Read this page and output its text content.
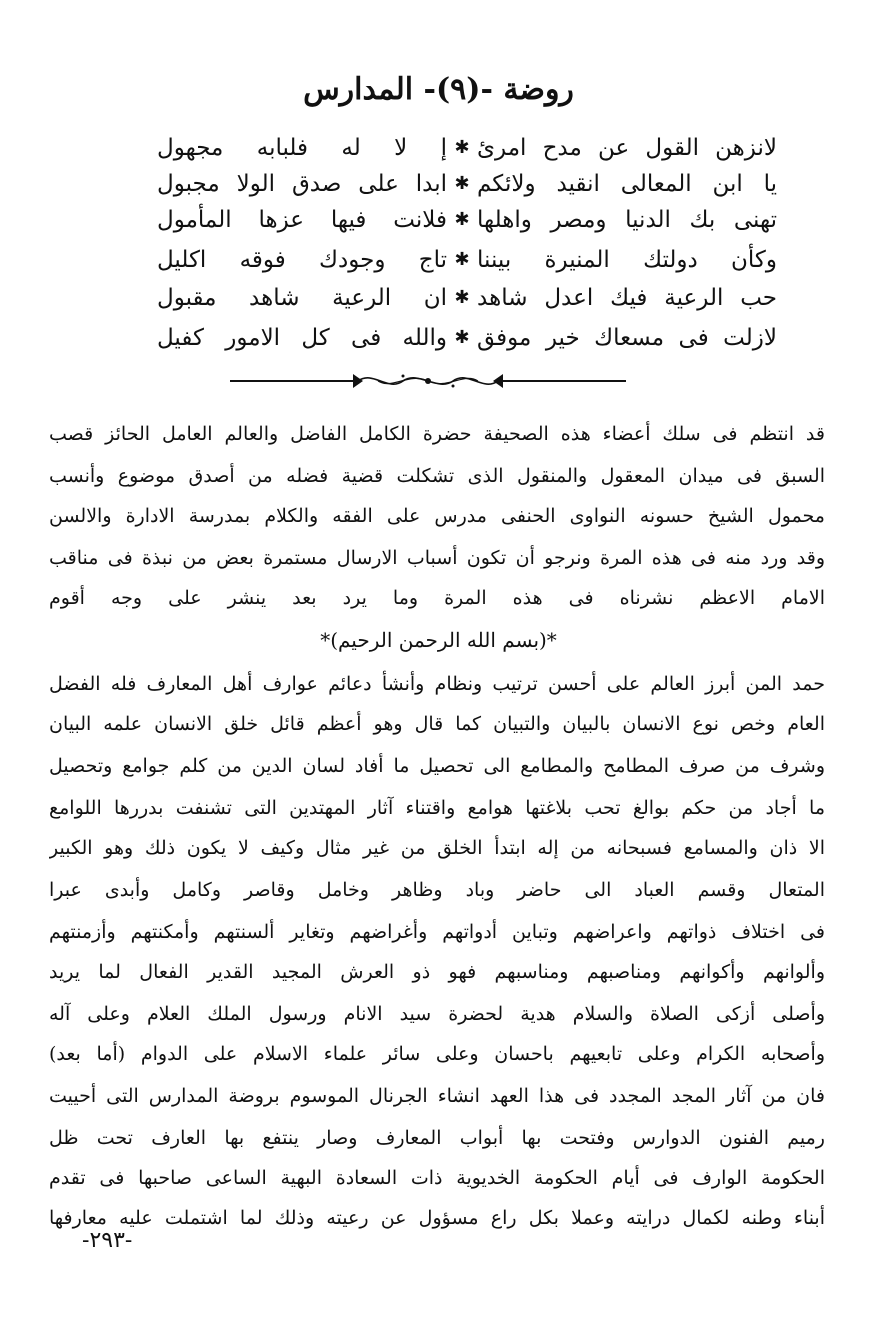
روضة -(٩)- المدارس
لانزهن القول عن مدح امرئ
✱
إ لا له فلبابه مجهول
يا ابن المعالى انقيد ولائكم
✱
ابدا على صدق الولا مجبول
تهنى بك الدنيا ومصر واهلها
✱
فلانت فيها عزها المأمول
وكأن دولتك المنيرة بيننا
✱
تاج وجودك فوقه اكليل
حب الرعية فيك اعدل شاهد
✱
ان الرعية شاهد مقبول
لازلت فى مسعاك خير موفق
✱
والله فى كل الامور كفيل
قد انتظم فى سلك أعضاء هذه الصحيفة حضرة الكامل الفاضل والعالم العامل الحائز قصب
السبق فى ميدان المعقول والمنقول الذى تشكلت قضية فضله من أصدق موضوع وأنسب
محمول الشيخ حسونه النواوى الحنفى مدرس على الفقه والكلام بمدرسة الادارة والالسن
وقد ورد منه فى هذه المرة ونرجو أن تكون أسباب الارسال مستمرة بعض من نبذة فى مناقب
الامام الاعظم نشرناه فى هذه المرة وما يرد بعد ينشر على وجه أقوم
*(بسم الله الرحمن الرحيم)*
حمد المن أبرز العالم على أحسن ترتيب ونظام وأنشأ دعائم عوارف أهل المعارف فله الفضل
العام وخص نوع الانسان بالبيان والتبيان كما قال وهو أعظم قائل خلق الانسان علمه البيان
وشرف من صرف المطامح والمطامع الى تحصيل ما أفاد لسان الدين من كلم جوامع وتحصيل
ما أجاد من حكم بوالغ تحب بلاغتها هوامع واقتناء آثار المهتدين التى تشنفت بدررها اللوامع
الا ذان والمسامع فسبحانه من إله ابتدأ الخلق من غير مثال وكيف لا يكون ذلك وهو الكبير
المتعال وقسم العباد الى حاضر وباد وظاهر وخامل وقاصر وكامل وأبدى عبرا
فى اختلاف ذواتهم واعراضهم وتباين أدواتهم وأغراضهم وتغاير ألسنتهم وأمكنتهم وأزمنتهم
وألوانهم وأكوانهم ومناصبهم ومناسبهم فهو ذو العرش المجيد القدير الفعال لما يريد
وأصلى أزكى الصلاة والسلام هدية لحضرة سيد الانام ورسول الملك العلام وعلى آله
وأصحابه الكرام وعلى تابعيهم باحسان وعلى سائر علماء الاسلام على الدوام (أما بعد)
فان من آثار المجد المجدد فى هذا العهد انشاء الجرنال الموسوم بروضة المدارس التى أحييت
رميم الفنون الدوارس وفتحت بها أبواب المعارف وصار ينتفع بها العارف تحت ظل
الحكومة الوارف فى أيام الحكومة الخديوية ذات السعادة البهية الساعى صاحبها فى تقدم
أبناء وطنه لكمال درايته وعملا بكل راع مسؤول عن رعيته وذلك لما اشتملت عليه معارفها
-٢٩٣-
